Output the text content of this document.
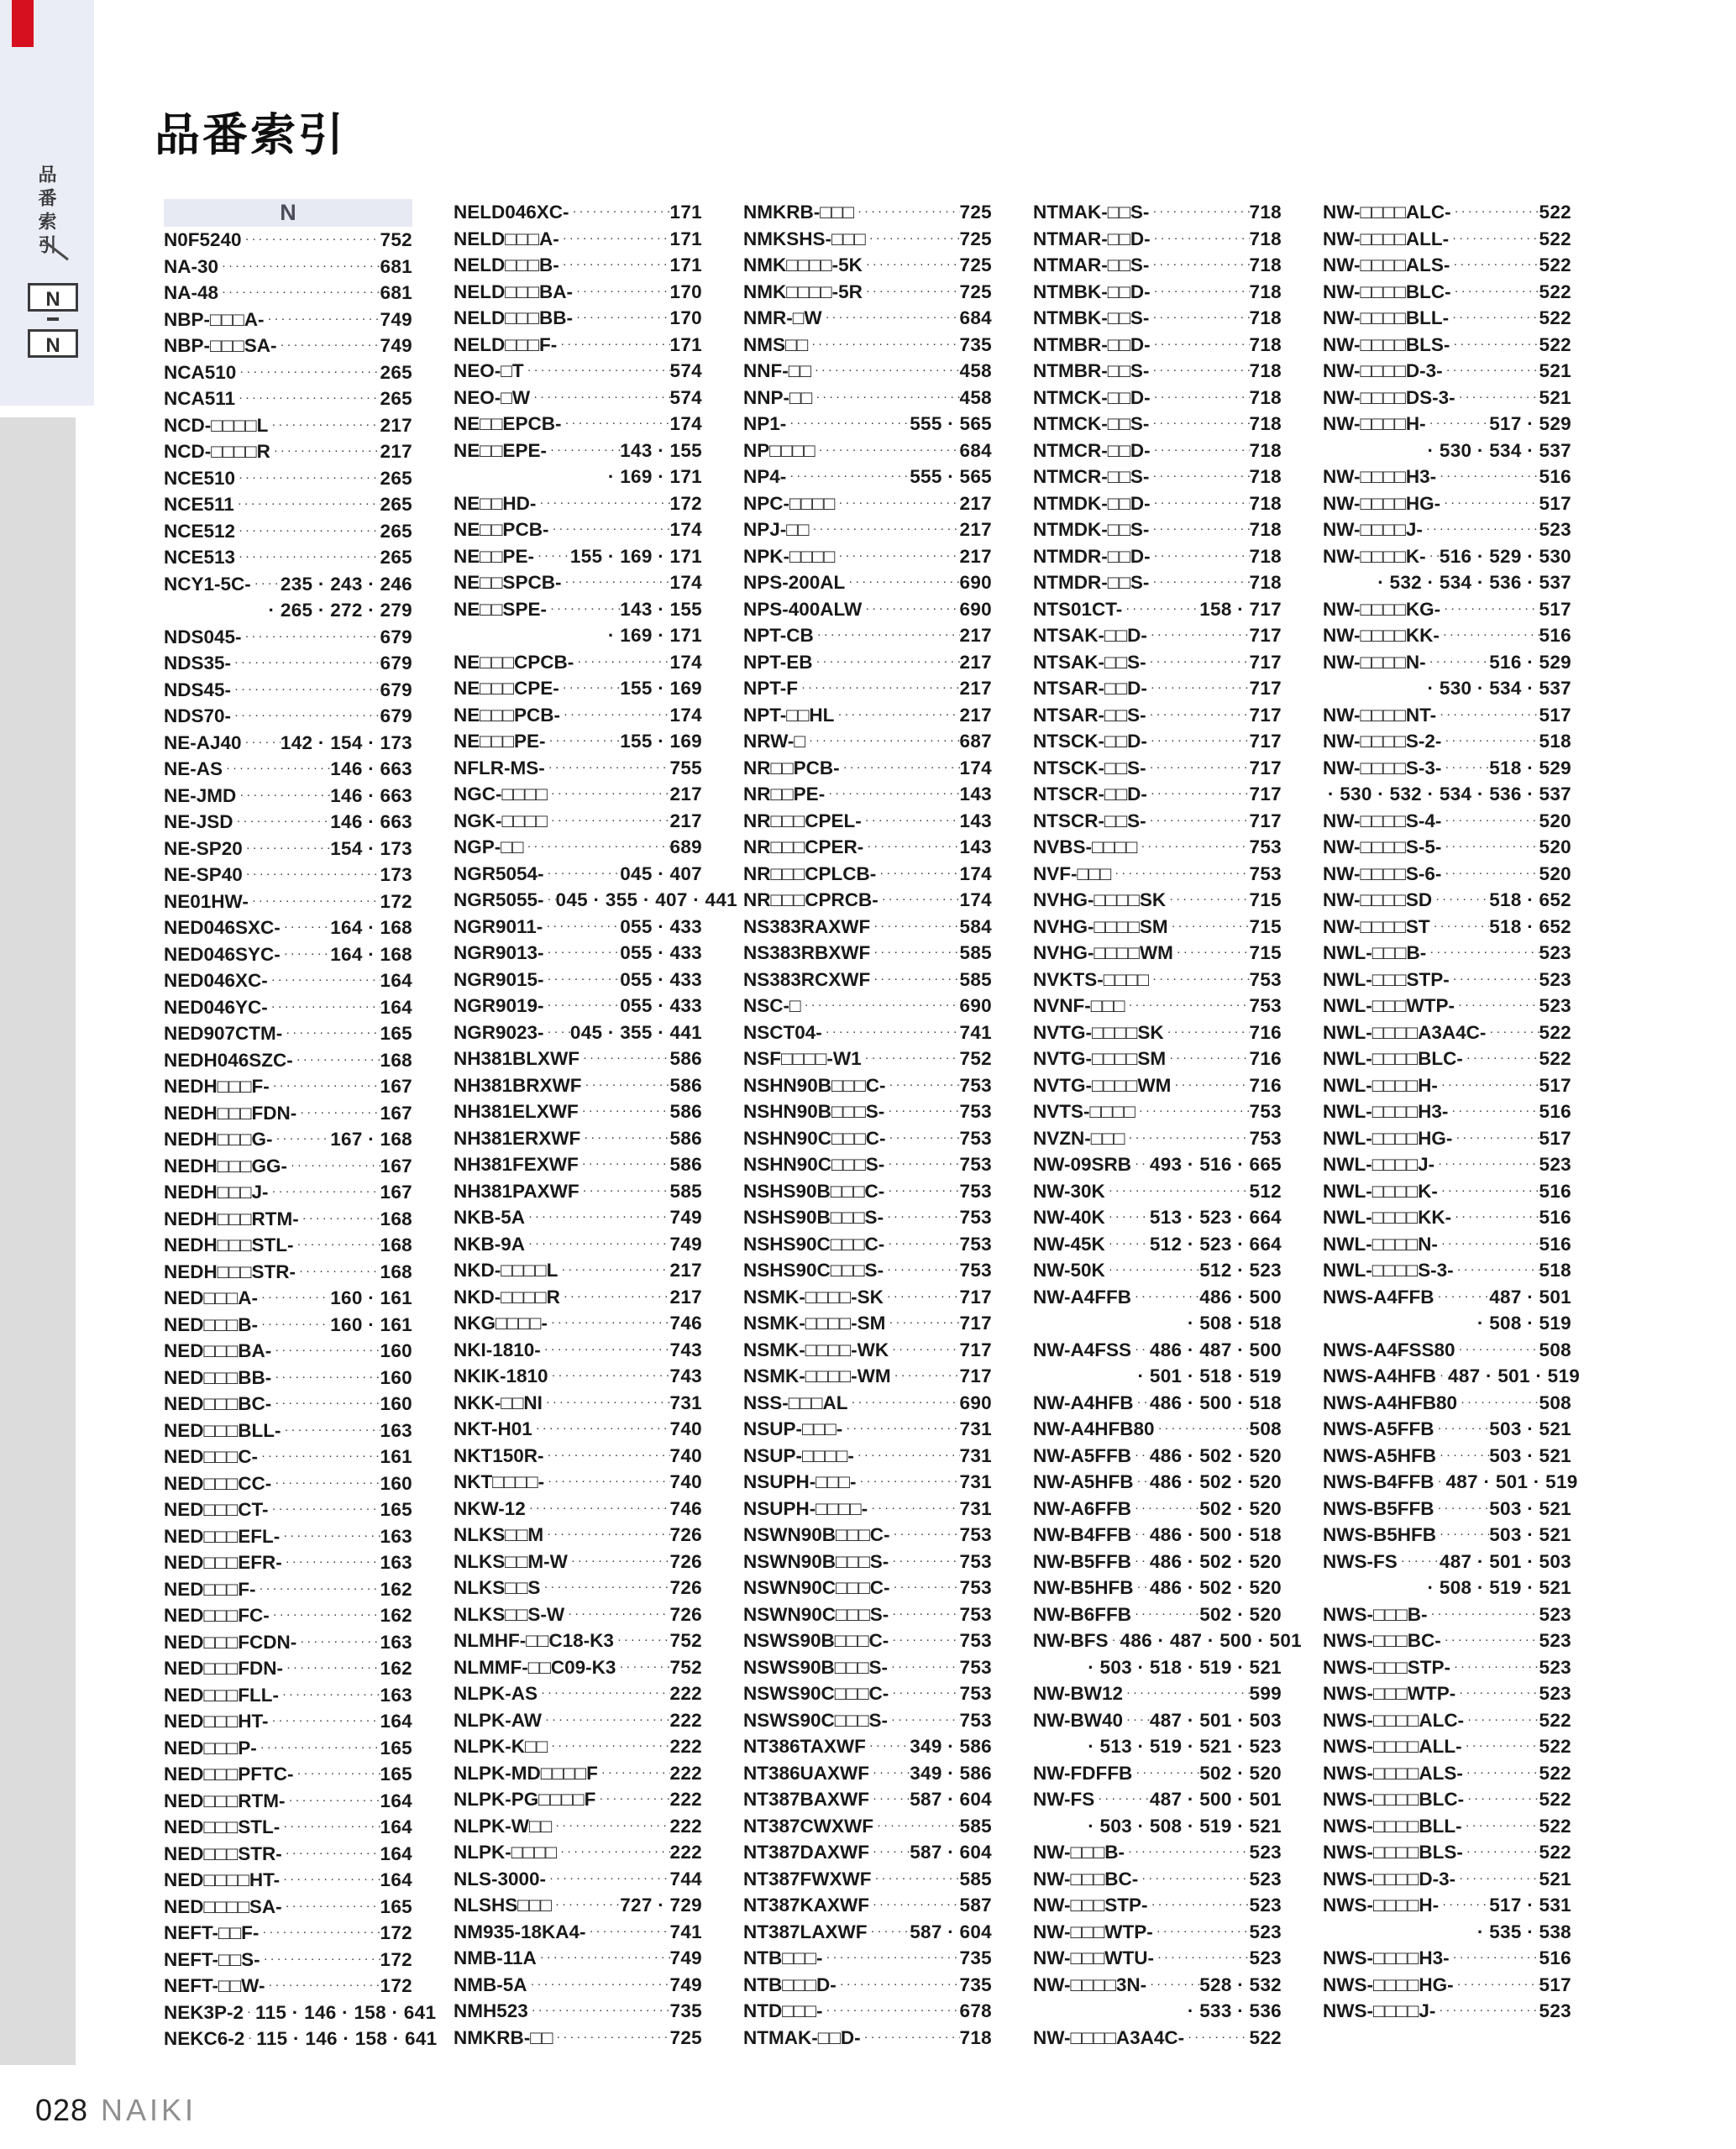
品番索引
N
N
品番索引
N
N0F5240 ·····	752
NA-30 ·····	681
NA-48 ·····	681
NBP-□□□A- ·····	749
NBP-□□□SA- ·····	749
NCA510 ·····	265
NCA511 ·····	265
NCD-□□□□L ·····	217
NCD-□□□□R ·····	217
NCE510 ·····	265
NCE511 ·····	265
NCE512 ·····	265
NCE513 ·····	265
NCY1-5C- ····· 235 · 243 · 246
· 265 · 272 · 279
NDS045- ·····	679
NDS35- ·····	679
NDS45- ·····	679
NDS70- ·····	679
NE-AJ40 ····· 142 · 154 · 173
NE-AS ·····	146 · 663
NE-JMD ·····	146 · 663
NE-JSD ·····	146 · 663
NE-SP20 ·····	154 · 173
NE-SP40 ·····	173
NE01HW- ·····	172
NED046SXC- ·····	164 · 168
NED046SYC- ·····	164 · 168
NED046XC- ·····	164
NED046YC- ·····	164
NED907CTM- ·····	165
NEDH046SZC- ·····	168
NEDH□□□F- ·····	167
NEDH□□□FDN- ·····	167
NEDH□□□G- ·····	167 · 168
NEDH□□□GG- ·····	167
NEDH□□□J- ·····	167
NEDH□□□RTM- ·····	168
NEDH□□□STL- ·····	168
NEDH□□□STR- ·····	168
NED□□□A- ·····	160 · 161
NED□□□B- ·····	160 · 161
NED□□□BA- ·····	160
NED□□□BB- ·····	160
NED□□□BC- ·····	160
NED□□□BLL- ·····	163
NED□□□C- ·····	161
NED□□□CC- ·····	160
NED□□□CT- ·····	165
NED□□□EFL- ·····	163
NED□□□EFR- ·····	163
NED□□□F- ·····	162
NED□□□FC- ·····	162
NED□□□FCDN- ·····	163
NED□□□FDN- ·····	162
NED□□□FLL- ·····	163
NED□□□HT- ·····	164
NED□□□P- ·····	165
NED□□□PFTC- ·····	165
NED□□□RTM- ·····	164
NED□□□STL- ·····	164
NED□□□STR- ·····	164
NED□□□□HT- ·····	164
NED□□□□SA- ·····	165
NEFT-□□F- ·····	172
NEFT-□□S- ·····	172
NEFT-□□W- ·····	172
NEK3P-2 ····· 115 · 146 · 158 · 641
NEKC6-2 ····· 115 · 146 · 158 · 641
NELD046XC- ·····	171
NELD□□□A- ·····	171
NELD□□□B- ·····	171
NELD□□□BA- ·····	170
NELD□□□BB- ·····	170
NELD□□□F- ·····	171
NEO-□T ·····	574
NEO-□W ·····	574
NE□□EPCB- ·····	174
NE□□EPE- ·····	143 · 155
· 169 · 171
NE□□HD- ·····	172
NE□□PCB- ·····	174
NE□□PE- ····· 155 · 169 · 171
NE□□SPCB- ·····	174
NE□□SPE- ·····	143 · 155
· 169 · 171
NE□□□CPCB- ·····	174
NE□□□CPE- ·····	155 · 169
NE□□□PCB- ·····	174
NE□□□PE- ·····	155 · 169
NFLR-MS- ·····	755
NGC-□□□□ ·····	217
NGK-□□□□ ·····	217
NGP-□□ ·····	689
NGR5054- ·····	045 · 407
NGR5055- ····· 045 · 355 · 407 · 441
NGR9011- ·····	055 · 433
NGR9013- ·····	055 · 433
NGR9015- ·····	055 · 433
NGR9019- ·····	055 · 433
NGR9023- ····· 045 · 355 · 441
NH381BLXWF ·····	586
NH381BRXWF ·····	586
NH381ELXWF ·····	586
NH381ERXWF ·····	586
NH381FEXWF ·····	586
NH381PAXWF ·····	585
NKB-5A ·····	749
NKB-9A ·····	749
NKD-□□□□L ·····	217
NKD-□□□□R ·····	217
NKG□□□□- ·····	746
NKI-1810- ·····	743
NKIK-1810 ·····	743
NKK-□□NI ·····	731
NKT-H01 ·····	740
NKT150R- ·····	740
NKT□□□□- ·····	740
NKW-12 ·····	746
NLKS□□M ·····	726
NLKS□□M-W ·····	726
NLKS□□S ·····	726
NLKS□□S-W ·····	726
NLMHF-□□C18-K3 ·····	752
NLMMF-□□C09-K3 ·····	752
NLPK-AS ·····	222
NLPK-AW ·····	222
NLPK-K□□ ·····	222
NLPK-MD□□□□F ·····	222
NLPK-PG□□□□F ·····	222
NLPK-W□□ ·····	222
NLPK-□□□□ ·····	222
NLS-3000- ·····	744
NLSHS□□□ ·····	727 · 729
NM935-18KA4- ·····	741
NMB-11A ·····	749
NMB-5A ·····	749
NMH523 ·····	735
NMKRB-□□ ·····	725
NMKRB-□□□ ·····	725
NMKSHS-□□□ ·····	725
NMK□□□□-5K ·····	725
NMK□□□□-5R ·····	725
NMR-□W ·····	684
NMS□□ ·····	735
NNF-□□ ·····	458
NNP-□□ ·····	458
NP1- ·····	555 · 565
NP□□□□ ·····	684
NP4- ·····	555 · 565
NPC-□□□□ ·····	217
NPJ-□□ ·····	217
NPK-□□□□ ·····	217
NPS-200AL ·····	690
NPS-400ALW ·····	690
NPT-CB ·····	217
NPT-EB ·····	217
NPT-F ·····	217
NPT-□□HL ·····	217
NRW-□ ·····	687
NR□□PCB- ·····	174
NR□□PE- ·····	143
NR□□□CPEL- ·····	143
NR□□□CPER- ·····	143
NR□□□CPLCB- ·····	174
NR□□□CPRCB- ·····	174
NS383RAXWF ·····	584
NS383RBXWF ·····	585
NS383RCXWF ·····	585
NSC-□ ·····	690
NSCT04- ·····	741
NSF□□□□-W1 ·····	752
NSHN90B□□□C- ·····	753
NSHN90B□□□S- ·····	753
NSHN90C□□□C- ·····	753
NSHN90C□□□S- ·····	753
NSHS90B□□□C- ·····	753
NSHS90B□□□S- ·····	753
NSHS90C□□□C- ·····	753
NSHS90C□□□S- ·····	753
NSMK-□□□□-SK ·····	717
NSMK-□□□□-SM ·····	717
NSMK-□□□□-WK ·····	717
NSMK-□□□□-WM ·····	717
NSS-□□□AL ·····	690
NSUP-□□□- ·····	731
NSUP-□□□□- ·····	731
NSUPH-□□□- ·····	731
NSUPH-□□□□- ·····	731
NSWN90B□□□C- ·····	753
NSWN90B□□□S- ·····	753
NSWN90C□□□C- ·····	753
NSWN90C□□□S- ·····	753
NSWS90B□□□C- ·····	753
NSWS90B□□□S- ·····	753
NSWS90C□□□C- ·····	753
NSWS90C□□□S- ·····	753
NT386TAXWF ····· 349 · 586
NT386UAXWF ····· 349 · 586
NT387BAXWF ····· 587 · 604
NT387CWXWF ·····	585
NT387DAXWF ····· 587 · 604
NT387FWXWF ·····	585
NT387KAXWF ·····	587
NT387LAXWF ····· 587 · 604
NTB□□□- ·····	735
NTB□□□D- ·····	735
NTD□□□- ·····	678
NTMAK-□□D- ·····	718
NTMAK-□□S- ·····	718
NTMAR-□□D- ·····	718
NTMAR-□□S- ·····	718
NTMBK-□□D- ·····	718
NTMBK-□□S- ·····	718
NTMBR-□□D- ·····	718
NTMBR-□□S- ·····	718
NTMCK-□□D- ·····	718
NTMCK-□□S- ·····	718
NTMCR-□□D- ·····	718
NTMCR-□□S- ·····	718
NTMDK-□□D- ·····	718
NTMDK-□□S- ·····	718
NTMDR-□□D- ·····	718
NTMDR-□□S- ·····	718
NTS01CT- ·····	158 · 717
NTSAK-□□D- ·····	717
NTSAK-□□S- ·····	717
NTSAR-□□D- ·····	717
NTSAR-□□S- ·····	717
NTSCK-□□D- ·····	717
NTSCK-□□S- ·····	717
NTSCR-□□D- ·····	717
NTSCR-□□S- ·····	717
NVBS-□□□□ ·····	753
NVF-□□□ ·····	753
NVHG-□□□□SK ·····	715
NVHG-□□□□SM ·····	715
NVHG-□□□□WM ·····	715
NVKTS-□□□□ ·····	753
NVNF-□□□ ·····	753
NVTG-□□□□SK ·····	716
NVTG-□□□□SM ·····	716
NVTG-□□□□WM ·····	716
NVTS-□□□□ ·····	753
NVZN-□□□ ·····	753
NW-09SRB ····· 493 · 516 · 665
NW-30K ·····	512
NW-40K ····· 513 · 523 · 664
NW-45K ····· 512 · 523 · 664
NW-50K ·····	512 · 523
NW-A4FFB ·····	486 · 500
· 508 · 518
NW-A4FSS ····· 486 · 487 · 500
· 501 · 518 · 519
NW-A4HFB ····· 486 · 500 · 518
NW-A4HFB80 ·····	508
NW-A5FFB ····· 486 · 502 · 520
NW-A5HFB ····· 486 · 502 · 520
NW-A6FFB ·····	502 · 520
NW-B4FFB ····· 486 · 500 · 518
NW-B5FFB ····· 486 · 502 · 520
NW-B5HFB ····· 486 · 502 · 520
NW-B6FFB ·····	502 · 520
NW-BFS ····· 486 · 487 · 500 · 501
· 503 · 518 · 519 · 521
NW-BW12 ·····	599
NW-BW40 ····· 487 · 501 · 503
· 513 · 519 · 521 · 523
NW-FDFFB ·····	502 · 520
NW-FS ·····	487 · 500 · 501
· 503 · 508 · 519 · 521
NW-□□□B- ·····	523
NW-□□□BC- ·····	523
NW-□□□STP- ·····	523
NW-□□□WTP- ·····	523
NW-□□□WTU- ·····	523
NW-□□□□3N- ·····	528 · 532
· 533 · 536
NW-□□□□A3A4C- ·····	522
NW-□□□□ALC- ·····	522
NW-□□□□ALL- ·····	522
NW-□□□□ALS- ·····	522
NW-□□□□BLC- ·····	522
NW-□□□□BLL- ·····	522
NW-□□□□BLS- ·····	522
NW-□□□□D-3- ·····	521
NW-□□□□DS-3- ·····	521
NW-□□□□H- ·····	517 · 529
· 530 · 534 · 537
NW-□□□□H3- ·····	516
NW-□□□□HG- ·····	517
NW-□□□□J- ·····	523
NW-□□□□K- ····· 516 · 529 · 530
· 532 · 534 · 536 · 537
NW-□□□□KG- ·····	517
NW-□□□□KK- ·····	516
NW-□□□□N- ·····	516 · 529
· 530 · 534 · 537
NW-□□□□NT- ·····	517
NW-□□□□S-2- ·····	518
NW-□□□□S-3- ·····	518 · 529
· 530 · 532 · 534 · 536 · 537
NW-□□□□S-4- ·····	520
NW-□□□□S-5- ·····	520
NW-□□□□S-6- ·····	520
NW-□□□□SD ·····	518 · 652
NW-□□□□ST ·····	518 · 652
NWL-□□□B- ·····	523
NWL-□□□STP- ·····	523
NWL-□□□WTP- ·····	523
NWL-□□□□A3A4C- ·····	522
NWL-□□□□BLC- ·····	522
NWL-□□□□H- ·····	517
NWL-□□□□H3- ·····	516
NWL-□□□□HG- ·····	517
NWL-□□□□J- ·····	523
NWL-□□□□K- ·····	516
NWL-□□□□KK- ·····	516
NWL-□□□□N- ·····	516
NWL-□□□□S-3- ·····	518
NWS-A4FFB ·····	487 · 501
· 508 · 519
NWS-A4FSS80 ·····	508
NWS-A4HFB ····· 487 · 501 · 519
NWS-A4HFB80 ·····	508
NWS-A5FFB ·····	503 · 521
NWS-A5HFB ·····	503 · 521
NWS-B4FFB ····· 487 · 501 · 519
NWS-B5FFB ·····	503 · 521
NWS-B5HFB ·····	503 · 521
NWS-FS ····· 487 · 501 · 503
· 508 · 519 · 521
NWS-□□□B- ·····	523
NWS-□□□BC- ·····	523
NWS-□□□STP- ·····	523
NWS-□□□WTP- ·····	523
NWS-□□□□ALC- ·····	522
NWS-□□□□ALL- ·····	522
NWS-□□□□ALS- ·····	522
NWS-□□□□BLC- ·····	522
NWS-□□□□BLL- ·····	522
NWS-□□□□BLS- ·····	522
NWS-□□□□D-3- ·····	521
NWS-□□□□H- ·····	517 · 531
· 535 · 538
NWS-□□□□H3- ·····	516
NWS-□□□□HG- ·····	517
NWS-□□□□J- ·····	523
028 NAIKI
